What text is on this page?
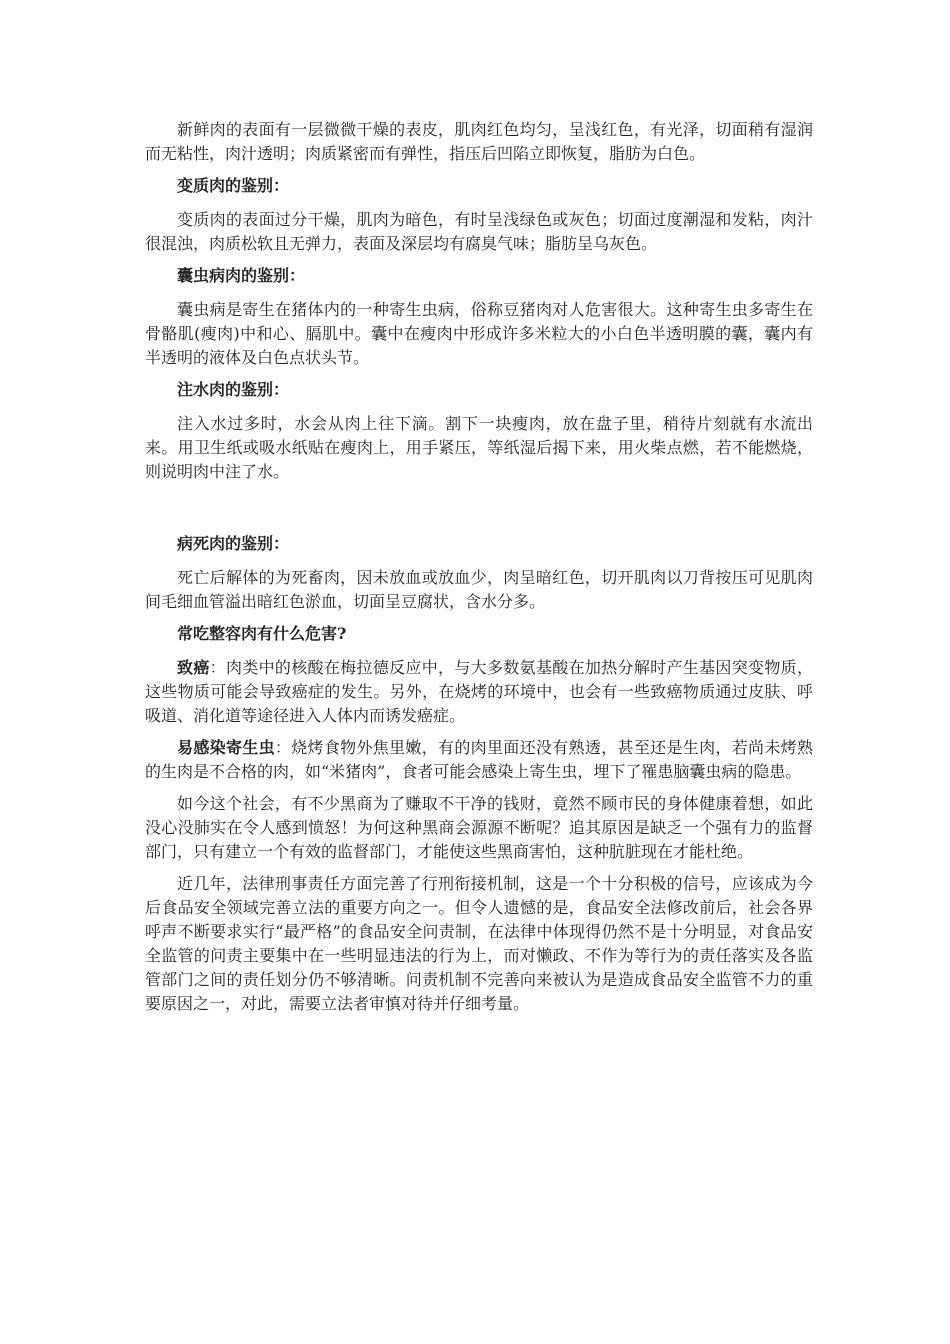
新鲜肉的表面有一层微微干燥的表皮，肌肉红色均匀，呈浅红色，有光泽，切面稍有湿润而无粘性，肉汁透明；肉质紧密而有弹性，指压后凹陷立即恢复，脂肪为白色。

变质肉的鉴别：

变质肉的表面过分干燥，肌肉为暗色，有时呈浅绿色或灰色；切面过度潮湿和发粘，肉汁很混浊，肉质松软且无弹力，表面及深层均有腐臭气味；脂肪呈乌灰色。

囊虫病肉的鉴别：

囊虫病是寄生在猪体内的一种寄生虫病，俗称豆猪肉对人危害很大。这种寄生虫多寄生在骨骼肌(瘦肉)中和心、膈肌中。囊中在瘦肉中形成许多米粒大的小白色半透明膜的囊，囊内有半透明的液体及白色点状头节。

注水肉的鉴别：

注入水过多时，水会从肉上往下滴。割下一块瘦肉，放在盘子里，稍待片刻就有水流出来。用卫生纸或吸水纸贴在瘦肉上，用手紧压，等纸湿后揭下来，用火柴点燃，若不能燃烧，则说明肉中注了水。

病死肉的鉴别：

死亡后解体的为死畜肉，因未放血或放血少，肉呈暗红色，切开肌肉以刀背按压可见肌肉间毛细血管溢出暗红色淤血，切面呈豆腐状，含水分多。

常吃整容肉有什么危害?

致癌：肉类中的核酸在梅拉德反应中，与大多数氨基酸在加热分解时产生基因突变物质，这些物质可能会导致癌症的发生。另外，在烧烤的环境中，也会有一些致癌物质通过皮肤、呼吸道、消化道等途径进入人体内而诱发癌症。

易感染寄生虫：烧烤食物外焦里嫩，有的肉里面还没有熟透，甚至还是生肉，若尚未烤熟的生肉是不合格的肉，如“米猪肉”，食者可能会感染上寄生虫，埋下了罹患脑囊虫病的隐患。

如今这个社会，有不少黑商为了赚取不干净的钱财，竟然不顾市民的身体健康着想，如此没心没肺实在令人感到愤怒！为何这种黑商会源源不断呢？追其原因是缺乏一个强有力的监督部门，只有建立一个有效的监督部门，才能使这些黑商害怕，这种肮脏现在才能杜绝。

近几年，法律刑事责任方面完善了行刑衔接机制，这是一个十分积极的信号，应该成为今后食品安全领域完善立法的重要方向之一。但令人遗憾的是，食品安全法修改前后，社会各界呼声不断要求实行“最严格”的食品安全问责制，在法律中体现得仍然不是十分明显，对食品安全监管的问责主要集中在一些明显违法的行为上，而对懒政、不作为等行为的责任落实及各监管部门之间的责任划分仍不够清晰。问责机制不完善向来被认为是造成食品安全监管不力的重要原因之一，对此，需要立法者审慎对待并仔细考量。
